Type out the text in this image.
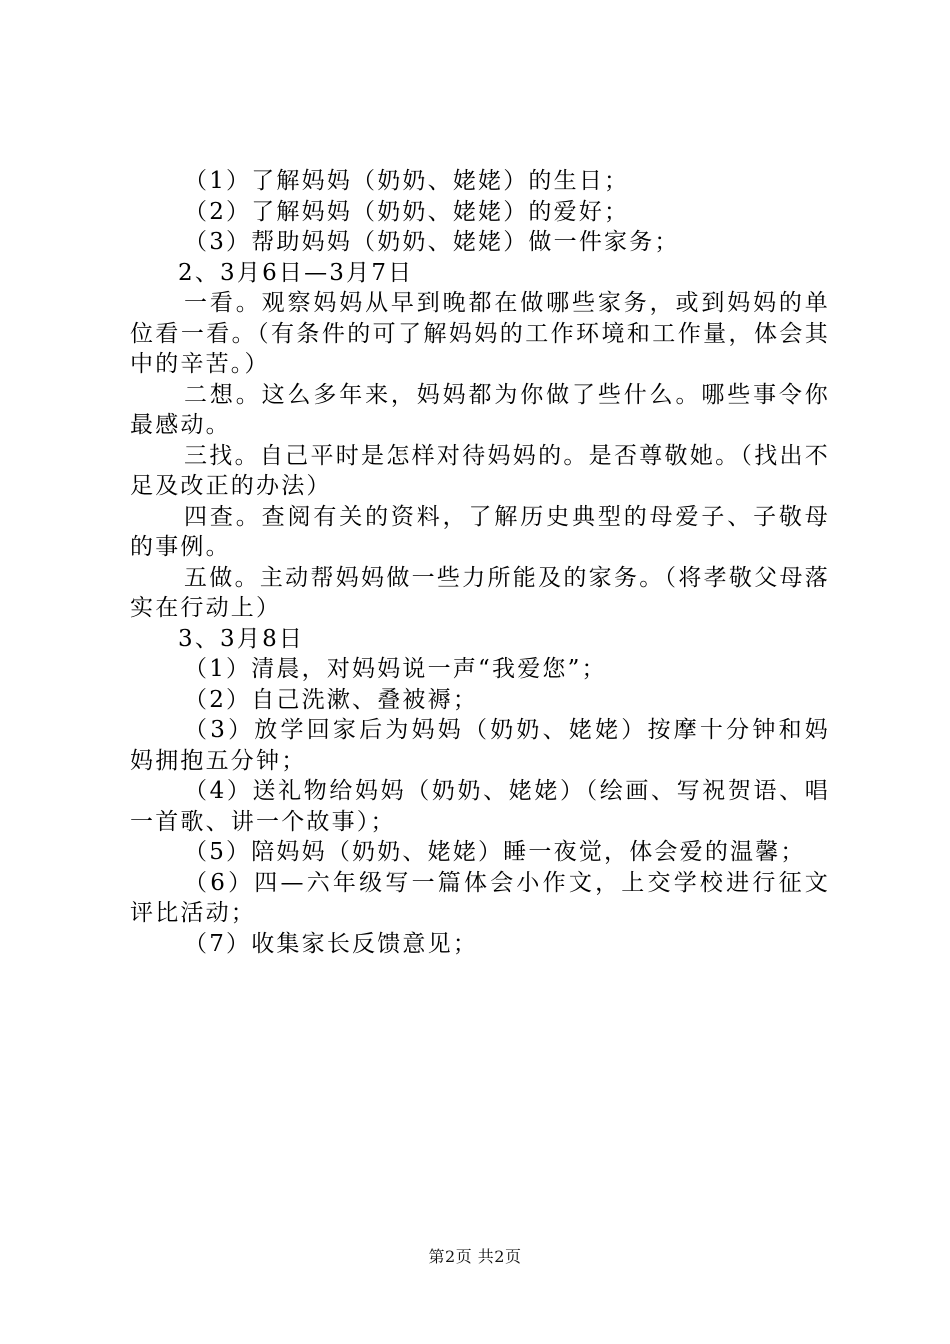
（1）了解妈妈（奶奶、姥姥）的生日；

（2）了解妈妈（奶奶、姥姥）的爱好；

（3）帮助妈妈（奶奶、姥姥）做一件家务；

2、3月6日—3月7日

一看。观察妈妈从早到晚都在做哪些家务，或到妈妈的单位看一看。（有条件的可了解妈妈的工作环境和工作量，体会其中的辛苦。）

二想。这么多年来，妈妈都为你做了些什么。哪些事令你最感动。

三找。自己平时是怎样对待妈妈的。是否尊敬她。（找出不足及改正的办法）

四查。查阅有关的资料，了解历史典型的母爱子、子敬母的事例。

五做。主动帮妈妈做一些力所能及的家务。（将孝敬父母落实在行动上）

3、3月8日

（1）清晨，对妈妈说一声“我爱您”；

（2）自己洗漱、叠被褥；

（3）放学回家后为妈妈（奶奶、姥姥）按摩十分钟和妈妈拥抱五分钟；

（4）送礼物给妈妈（奶奶、姥姥）（绘画、写祝贺语、唱一首歌、讲一个故事）；

（5）陪妈妈（奶奶、姥姥）睡一夜觉，体会爱的温馨；

（6）四—六年级写一篇体会小作文，上交学校进行征文评比活动；

（7）收集家长反馈意见；

第2页 共2页
